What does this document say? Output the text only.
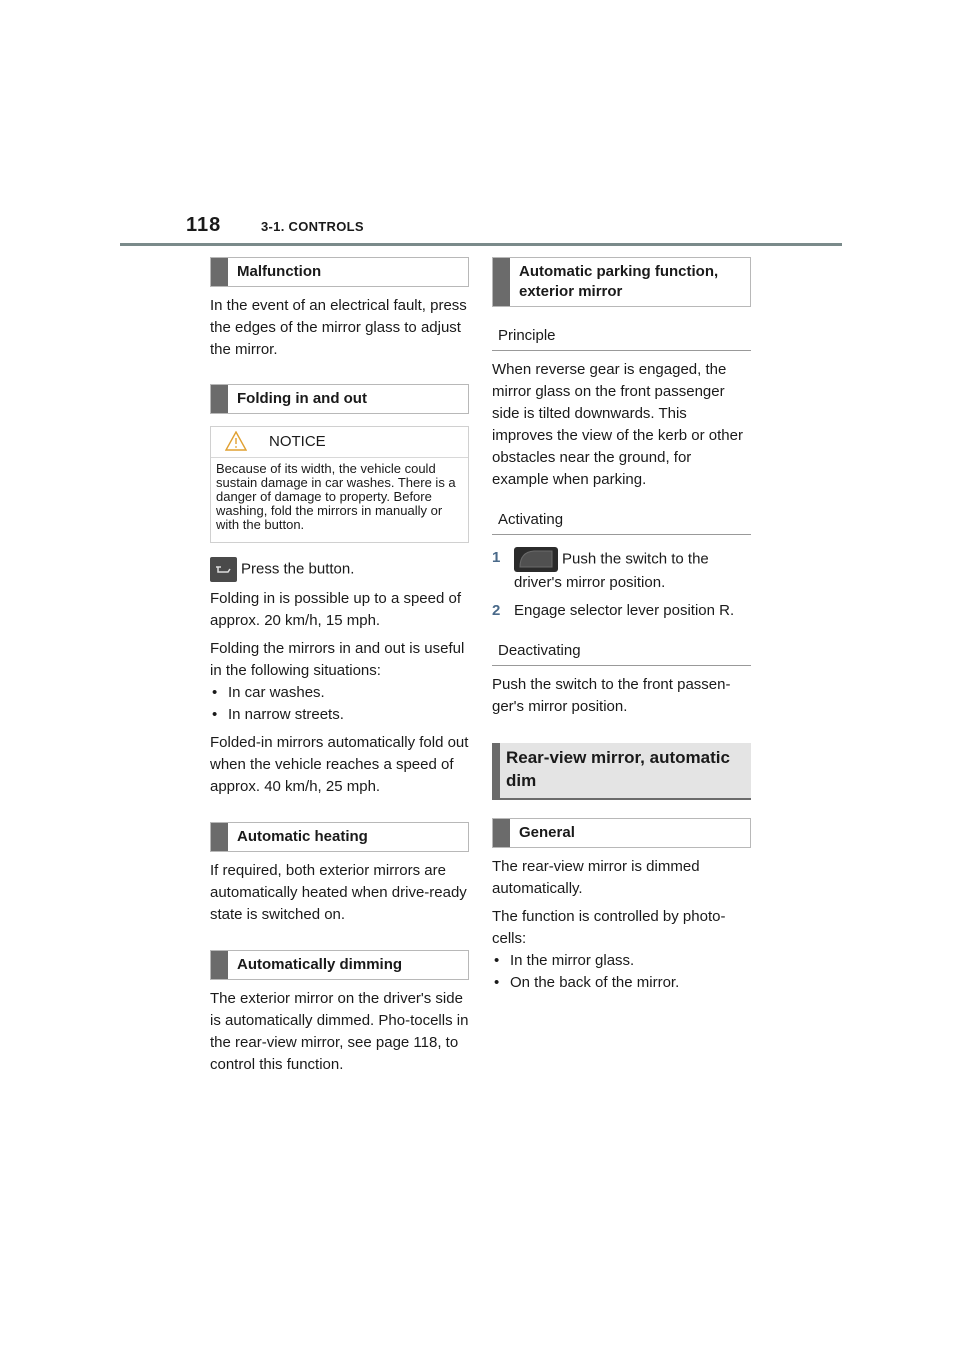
118	3-1. CONTROLS
Malfunction

In the event of an electrical fault, press the edges of the mirror glass to adjust the mirror.

Folding in and out
NOTICE
Because of its width, the vehicle could sustain damage in car washes. There is a danger of damage to property. Before washing, fold the mirrors in manually or with the button.

Press the button.

Folding in is possible up to a speed of approx. 20 km/h, 15 mph.

Folding the mirrors in and out is useful in the following situations:

• In car washes.
• In narrow streets.

Folded-in mirrors automatically fold out when the vehicle reaches a speed of approx. 40 km/h, 25 mph.

Automatic heating

If required, both exterior mirrors are automatically heated when drive-ready state is switched on.

Automatically dimming

The exterior mirror on the driver's side is automatically dimmed. Pho-tocells in the rear-view mirror, see page 118, to control this function.

Automatic parking function, exterior mirror
Principle

When reverse gear is engaged, the mirror glass on the front passenger side is tilted downwards. This improves the view of the kerb or other obstacles near the ground, for example when parking.

Activating
1	Push the switch to the driver's mirror position.
2 Engage selector lever position R.
Deactivating

Push the switch to the front passen-ger's mirror position.

Rear-view mirror, automatic dim
General

The rear-view mirror is dimmed automatically.

The function is controlled by photo-cells:

• In the mirror glass.
• On the back of the mirror.
